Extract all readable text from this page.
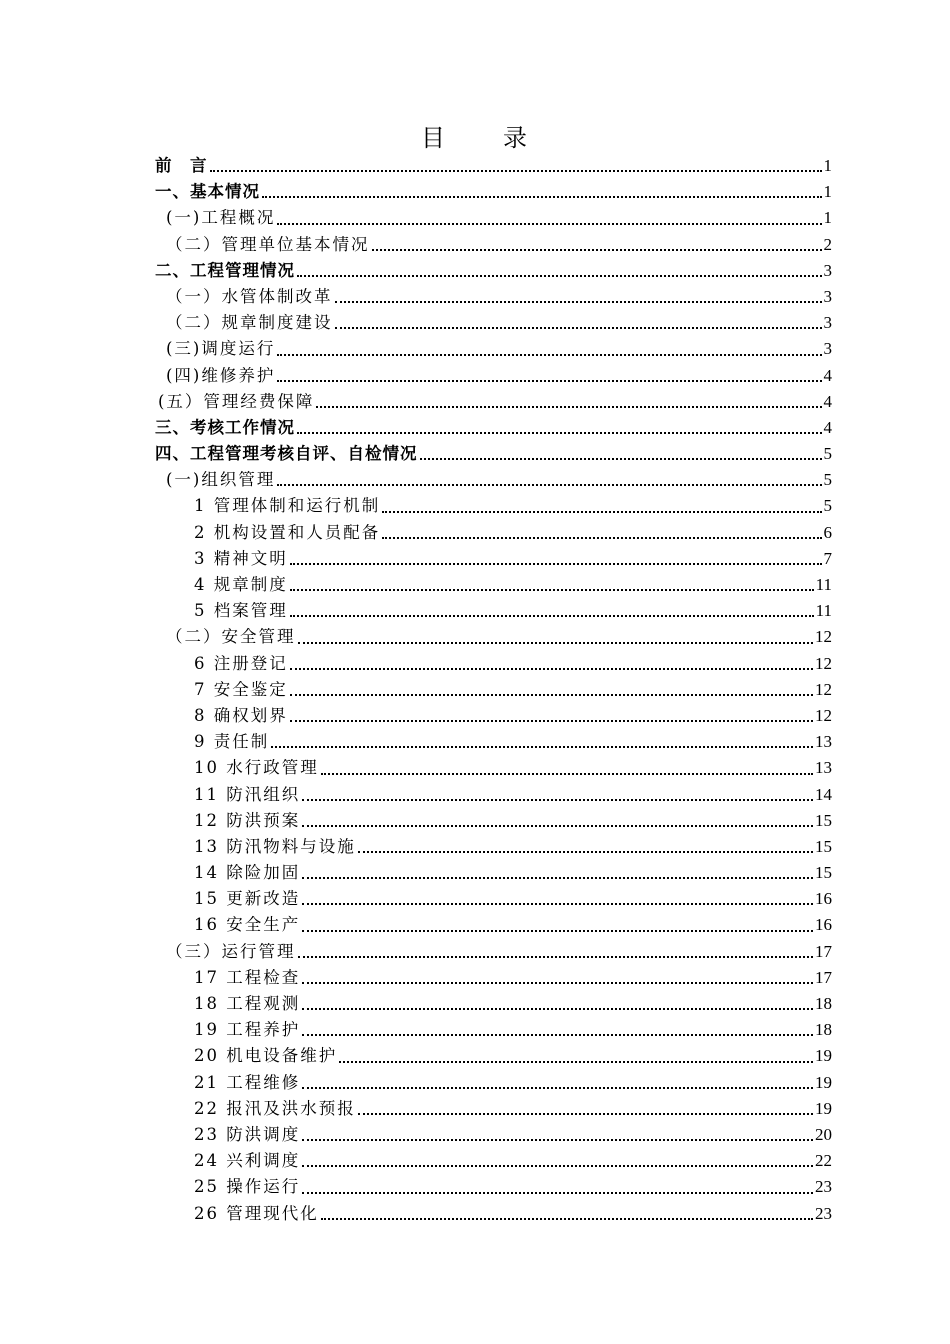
目 录
前　言	1
一、基本情况	1
(一)工程概况	1
（二）管理单位基本情况	2
二、工程管理情况	3
（一）水管体制改革	3
（二）规章制度建设	3
(三)调度运行	3
(四)维修养护	4
(五）管理经费保障	4
三、考核工作情况	4
四、工程管理考核自评、自检情况	5
(一)组织管理	5
1 管理体制和运行机制	5
2 机构设置和人员配备	6
3 精神文明	7
4 规章制度	11
5 档案管理	11
（二）安全管理	12
6 注册登记	12
7 安全鉴定	12
8 确权划界	12
9 责任制	13
10 水行政管理	13
11 防汛组织	14
12 防洪预案	15
13 防汛物料与设施	15
14 除险加固	15
15 更新改造	16
16 安全生产	16
（三）运行管理	17
17 工程检查	17
18 工程观测	18
19 工程养护	18
20 机电设备维护	19
21 工程维修	19
22 报汛及洪水预报	19
23 防洪调度	20
24 兴利调度	22
25 操作运行	23
26 管理现代化	23
